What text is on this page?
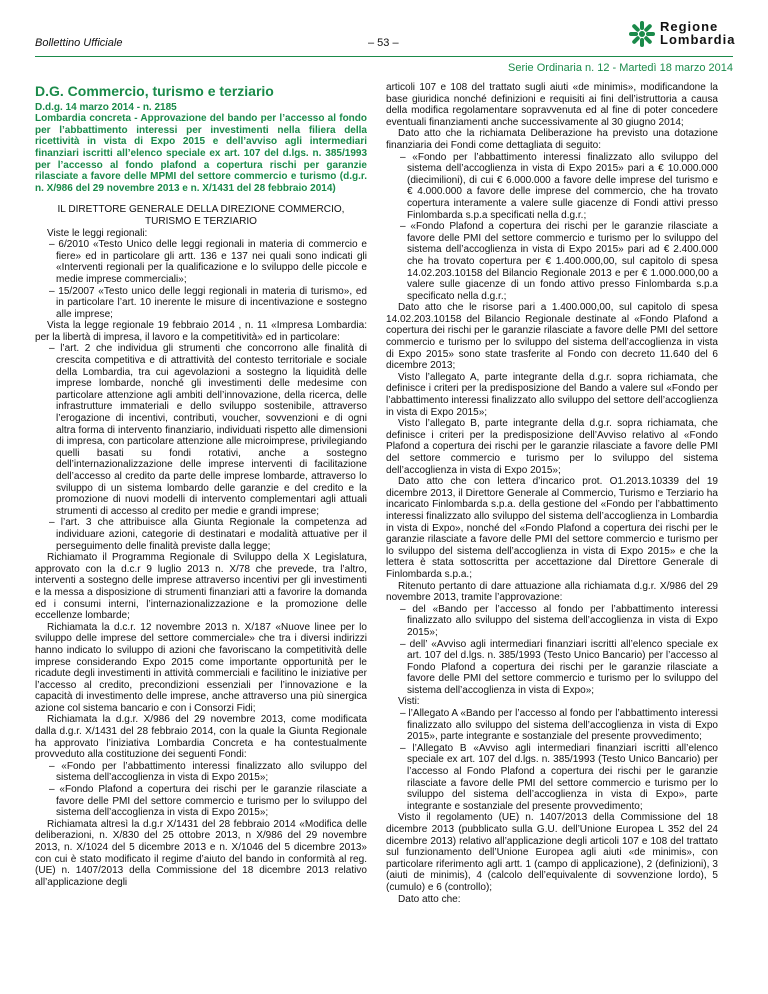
Bollettino Ufficiale	– 53 –
Regione
Lombardia
Serie Ordinaria n. 12 - Martedì 18 marzo 2014
D.G. Commercio, turismo e terziario
D.d.g. 14 marzo 2014 - n. 2185
Lombardia concreta - Approvazione del bando per l’accesso al fondo per l’abbattimento interessi per investimenti nella filiera della ricettività in vista di Expo 2015 e dell’avviso agli intermediari finanziari iscritti all’elenco speciale ex art. 107 del d.lgs. n. 385/1993 per l’accesso al fondo plafond a copertura rischi per garanzie rilasciate a favore delle MPMI del settore commercio e turismo (d.g.r. n. X/986 del 29 novembre 2013 e n. X/1431 del 28 febbraio 2014)

IL DIRETTORE GENERALE DELLA DIREZIONE COMMERCIO, TURISMO E TERZIARIO

Viste le leggi regionali:

– 6/2010 «Testo Unico delle leggi regionali in materia di commercio e fiere» ed in particolare gli artt. 136 e 137 nei quali sono indicati gli «Interventi regionali per la qualificazione e lo sviluppo delle piccole e medie imprese commerciali»;

– 15/2007 «Testo unico delle leggi regionali in materia di turismo», ed in particolare l’art. 10 inerente le misure di incentivazione e sostegno alle imprese;

Vista la legge regionale 19 febbraio 2014 , n. 11 «Impresa Lombardia: per la libertà di impresa, il lavoro e la competitività» ed in particolare:

– l’art. 2 che individua gli strumenti che concorrono alle finalità di crescita competitiva e di attrattività del contesto territoriale e sociale della Lombardia, tra cui agevolazioni a sostegno la liquidità delle imprese lombarde, nonché gli investimenti delle medesime con particolare attenzione agli ambiti dell’innovazione, della ricerca, delle infrastrutture immateriali e dello sviluppo sostenibile, attraverso l’erogazione di incentivi, contributi, voucher, sovvenzioni e di ogni altra forma di intervento finanziario, individuati rispetto alle dimensioni di impresa, con particolare attenzione alle microimprese, privilegiando quelli basati su fondi rotativi, anche a sostegno dell’internazionalizzazione delle imprese interventi di facilitazione dell’accesso al credito da parte delle imprese lombarde, attraverso lo sviluppo di un sistema lombardo delle garanzie e del credito e la promozione di nuovi modelli di intervento complementari agli attuali strumenti di accesso al credito per medie e grandi imprese;

– l’art. 3 che attribuisce alla Giunta Regionale la competenza ad individuare azioni, categorie di destinatari e modalità attuative per il perseguimento delle finalità previste dalla legge;

Richiamato il Programma Regionale di Sviluppo della X Legislatura, approvato con la d.c.r 9 luglio 2013 n. X/78 che prevede, tra l’altro, interventi a sostegno delle imprese attraverso incentivi per gli investimenti e la messa a disposizione di strumenti finanziari atti a favorire la domanda ed i consumi interni, l’internazionalizzazione e la promozione delle eccellenze lombarde;

Richiamata la d.c.r. 12 novembre 2013 n. X/187 «Nuove linee per lo sviluppo delle imprese del settore commerciale» che tra i diversi indirizzi hanno indicato lo sviluppo di azioni che favoriscano la competitività delle imprese considerando Expo 2015 come importante opportunità per le ricadute degli investimenti in attività commerciali e facilitino le iniziative per l’accesso al credito, precondizioni essenziali per l’innovazione e la capacità di investimento delle imprese, anche attraverso una più sinergica azione col sistema bancario e con i Consorzi Fidi;

Richiamata la d.g.r. X/986 del 29 novembre 2013, come modificata dalla d.g.r. X/1431 del 28 febbraio 2014, con la quale la Giunta Regionale ha approvato l’iniziativa Lombardia Concreta e ha contestualmente provveduto alla costituzione dei seguenti Fondi:

– «Fondo per l’abbattimento interessi finalizzato allo sviluppo del sistema dell’accoglienza in vista di Expo 2015»;

– «Fondo Plafond a copertura dei rischi per le garanzie rilasciate a favore delle PMI del settore commercio e turismo per lo sviluppo del sistema dell’accoglienza in vista di Expo 2015»;

Richiamata altresì la d.g.r X/1431 del 28 febbraio 2014 «Modifica delle deliberazioni, n. X/830 del 25 ottobre 2013, n X/986 del 29 novembre 2013, n. X/1024 del 5 dicembre 2013 e n. X/1046 del 5 dicembre 2013» con cui è stato modificato il regime d’aiuto del bando in conformità al reg. (UE) n. 1407/2013 della Commissione del 18 dicembre 2013 relativo all’applicazione degli

articoli 107 e 108 del trattato sugli aiuti «de minimis», modificandone la base giuridica nonché definizioni e requisiti ai fini dell’istruttoria a causa della modifica regolamentare sopravvenuta ed al fine di poter concedere eventuali finanziamenti anche successivamente al 30 giugno 2014;

Dato atto che la richiamata Deliberazione ha previsto una dotazione finanziaria dei Fondi come dettagliata di seguito:

– «Fondo per l’abbattimento interessi finalizzato allo sviluppo del sistema dell’accoglienza in vista di Expo 2015» pari a € 10.000.000 (diecimilioni), di cui € 6.000.000 a favore delle imprese del turismo e € 4.000.000 a favore delle imprese del commercio, che ha trovato copertura interamente a valere sulle giacenze di Fondi attivi presso Finlombarda s.p.a specificati nella d.g.r.;

– «Fondo Plafond a copertura dei rischi per le garanzie rilasciate a favore delle PMI del settore commercio e turismo per lo sviluppo del sistema dell’accoglienza in vista di Expo 2015» pari ad € 2.400.000 che ha trovato copertura per € 1.400.000,00, sul capitolo di spesa 14.02.203.10158 del Bilancio Regionale 2013 e per € 1.000.000,00 a valere sulle giacenze di un fondo attivo presso Finlombarda s.p.a specificato nella d.g.r.;

Dato atto che le risorse pari a 1.400.000,00, sul capitolo di spesa 14.02.203.10158 del Bilancio Regionale destinate al «Fondo Plafond a copertura dei rischi per le garanzie rilasciate a favore delle PMI del settore commercio e turismo per lo sviluppo del sistema dell’accoglienza in vista di Expo 2015» sono state trasferite al Fondo con decreto 11.640 del 6 dicembre 2013;

Visto l’allegato A, parte integrante della d.g.r. sopra richiamata, che definisce i criteri per la predisposizione del Bando a valere sul «Fondo per l’abbattimento interessi finalizzato allo sviluppo del settore dell’accoglienza in vista di Expo 2015»;

Visto l’allegato B, parte integrante della d.g.r. sopra richiamata, che definisce i criteri per la predisposizione dell’Avviso relativo al «Fondo Plafond a copertura dei rischi per le garanzie rilasciate a favore delle PMI del settore commercio e turismo per lo sviluppo del sistema dell’accoglienza in vista di Expo 2015»;

Dato atto che con lettera d’incarico prot. O1.2013.10339 del 19 dicembre 2013, il Direttore Generale al Commercio, Turismo e Terziario ha incaricato Finlombarda s.p.a. della gestione del «Fondo per l’abbattimento interessi finalizzato allo sviluppo del sistema dell’accoglienza in Lombardia in vista di Expo», nonché del «Fondo Plafond a copertura dei rischi per le garanzie rilasciate a favore delle PMI del settore commercio e turismo per lo sviluppo del sistema dell’accoglienza in vista di Expo 2015» e che la lettera è stata sottoscritta per accettazione dal Direttore Generale di Finlombarda s.p.a.;

Ritenuto pertanto di dare attuazione alla richiamata d.g.r. X/986 del 29 novembre 2013, tramite l’approvazione:

– del «Bando per l’accesso al fondo per l’abbattimento interessi finalizzato allo sviluppo del sistema dell’accoglienza in vista di Expo 2015»;

– dell’ «Avviso agli intermediari finanziari iscritti all’elenco speciale ex art. 107 del d.lgs. n. 385/1993 (Testo Unico Bancario) per l’accesso al Fondo Plafond a copertura dei rischi per le garanzie rilasciate a favore delle PMI del settore commercio e turismo per lo sviluppo del sistema dell’accoglienza in vista di Expo»;

Visti:

– l’Allegato A «Bando per l’accesso al fondo per l’abbattimento interessi finalizzato allo sviluppo del sistema dell’accoglienza in vista di Expo 2015», parte integrante e sostanziale del presente provvedimento;

– l’Allegato B «Avviso agli intermediari finanziari iscritti all’elenco speciale ex art. 107 del d.lgs. n. 385/1993 (Testo Unico Bancario) per l’accesso al Fondo Plafond a copertura dei rischi per le garanzie rilasciate a favore delle PMI del settore commercio e turismo per lo sviluppo del sistema dell’accoglienza in vista di Expo», parte integrante e sostanziale del presente provvedimento;

Visto il regolamento (UE) n. 1407/2013 della Commissione del 18 dicembre 2013 (pubblicato sulla G.U. dell’Unione Europea L 352 del 24 dicembre 2013) relativo all’applicazione degli articoli 107 e 108 del trattato sul funzionamento dell’Unione Europea agli aiuti «de minimis», con particolare riferimento agli artt. 1 (campo di applicazione), 2 (definizioni), 3 (aiuti de minimis), 4 (calcolo dell’equivalente di sovvenzione lordo), 5 (cumulo) e 6 (controllo);

Dato atto che:
